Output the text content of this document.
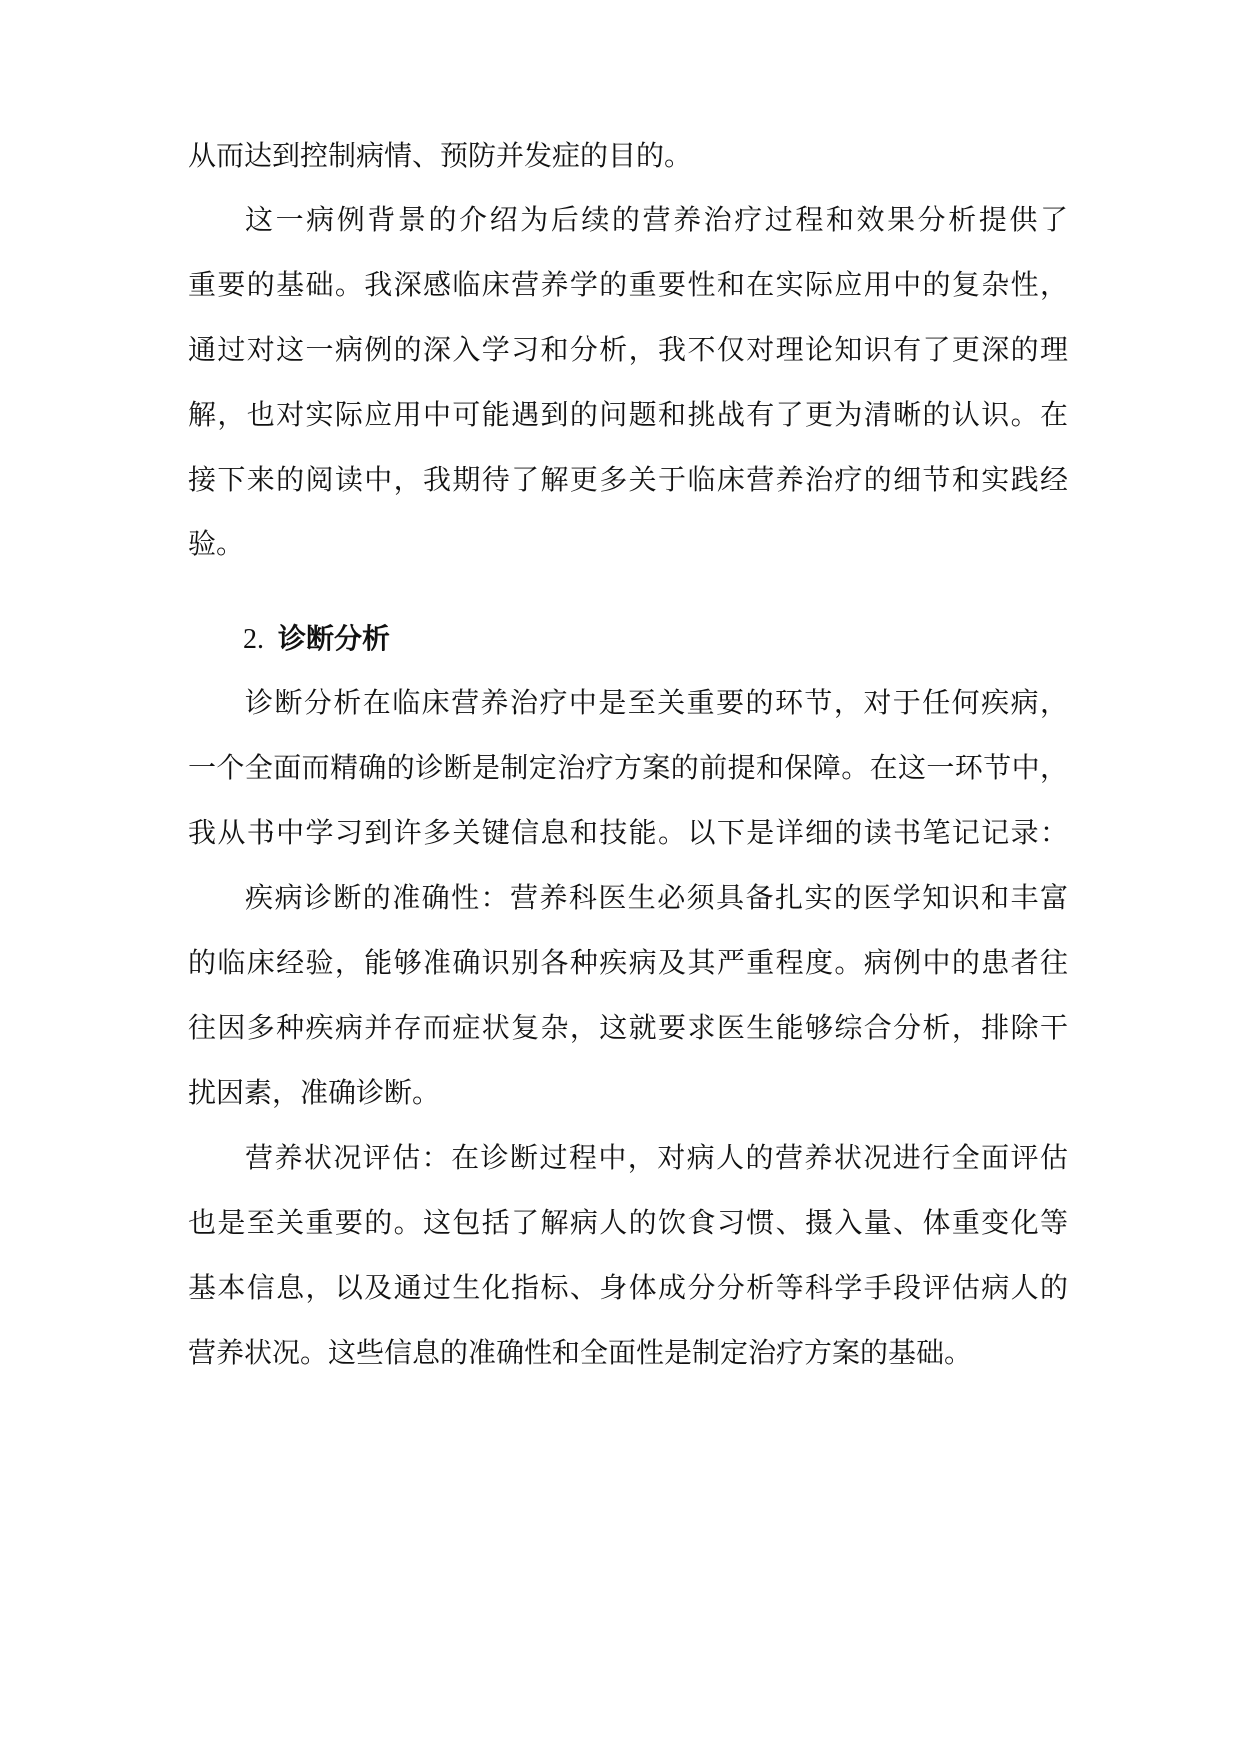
从而达到控制病情、预防并发症的目的。
这一病例背景的介绍为后续的营养治疗过程和效果分析提供了
重要的基础。我深感临床营养学的重要性和在实际应用中的复杂性，
通过对这一病例的深入学习和分析，我不仅对理论知识有了更深的理
解，也对实际应用中可能遇到的问题和挑战有了更为清晰的认识。在
接下来的阅读中，我期待了解更多关于临床营养治疗的细节和实践经
验。
2. 诊断分析
诊断分析在临床营养治疗中是至关重要的环节，对于任何疾病，
一个全面而精确的诊断是制定治疗方案的前提和保障。在这一环节中，
我从书中学习到许多关键信息和技能。以下是详细的读书笔记记录：
疾病诊断的准确性：营养科医生必须具备扎实的医学知识和丰富
的临床经验，能够准确识别各种疾病及其严重程度。病例中的患者往
往因多种疾病并存而症状复杂，这就要求医生能够综合分析，排除干
扰因素，准确诊断。
营养状况评估：在诊断过程中，对病人的营养状况进行全面评估
也是至关重要的。这包括了解病人的饮食习惯、摄入量、体重变化等
基本信息，以及通过生化指标、身体成分分析等科学手段评估病人的
营养状况。这些信息的准确性和全面性是制定治疗方案的基础。
